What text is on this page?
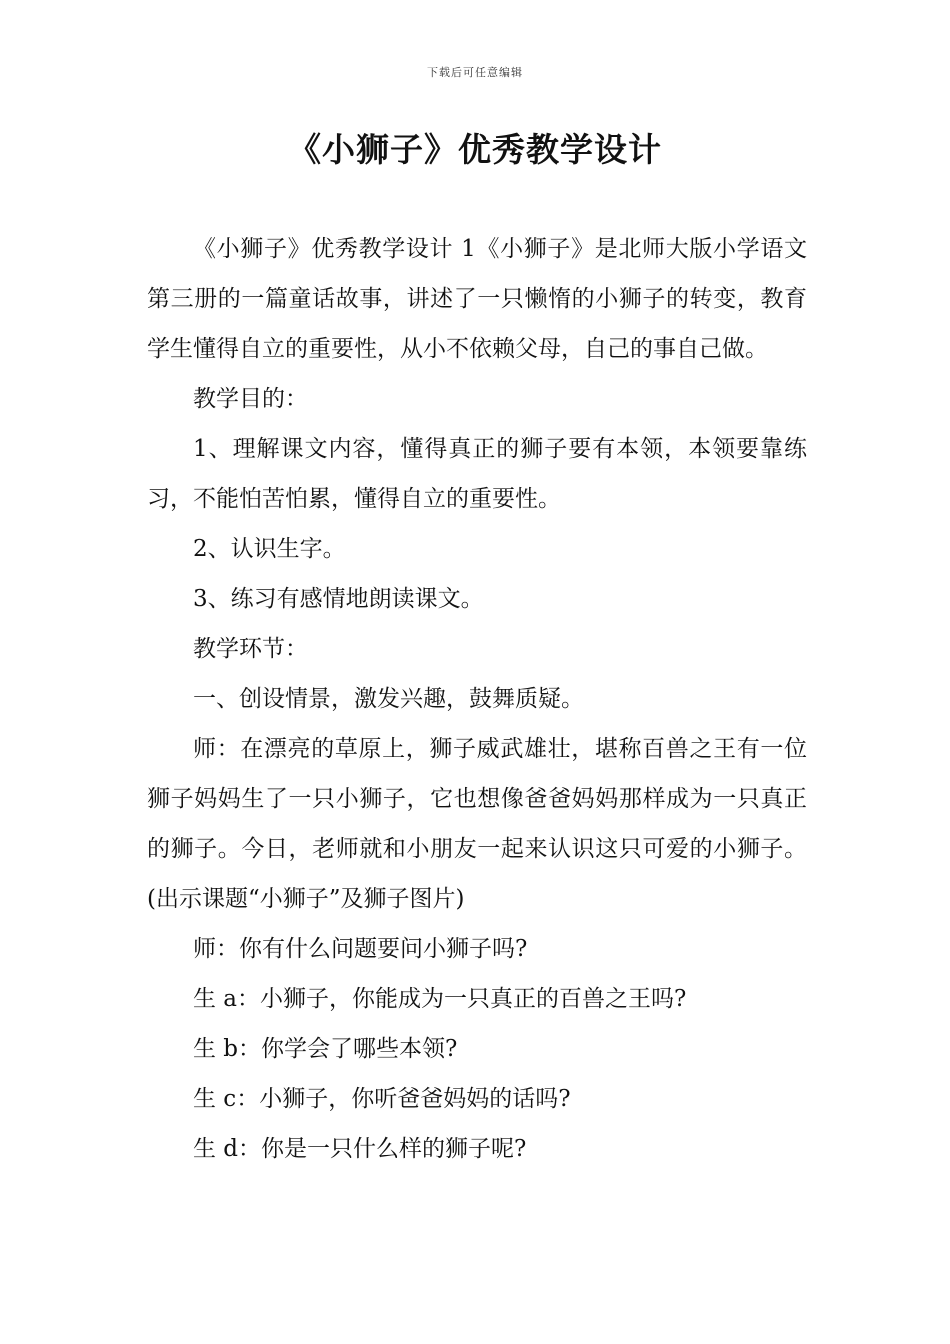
下载后可任意编辑
《小狮子》优秀教学设计

《小狮子》优秀教学设计 1《小狮子》是北师大版小学语文第三册的一篇童话故事，讲述了一只懒惰的小狮子的转变，教育学生懂得自立的重要性，从小不依赖父母，自己的事自己做。

教学目的：

1、理解课文内容，懂得真正的狮子要有本领，本领要靠练习，不能怕苦怕累，懂得自立的重要性。

2、认识生字。

3、练习有感情地朗读课文。

教学环节：

一、创设情景，激发兴趣，鼓舞质疑。

师：在漂亮的草原上，狮子威武雄壮，堪称百兽之王有一位狮子妈妈生了一只小狮子，它也想像爸爸妈妈那样成为一只真正的狮子。今日，老师就和小朋友一起来认识这只可爱的小狮子。(出示课题“小狮子”及狮子图片)

师：你有什么问题要问小狮子吗?

生 a：小狮子，你能成为一只真正的百兽之王吗?

生 b：你学会了哪些本领?

生 c：小狮子，你听爸爸妈妈的话吗?

生 d：你是一只什么样的狮子呢?
